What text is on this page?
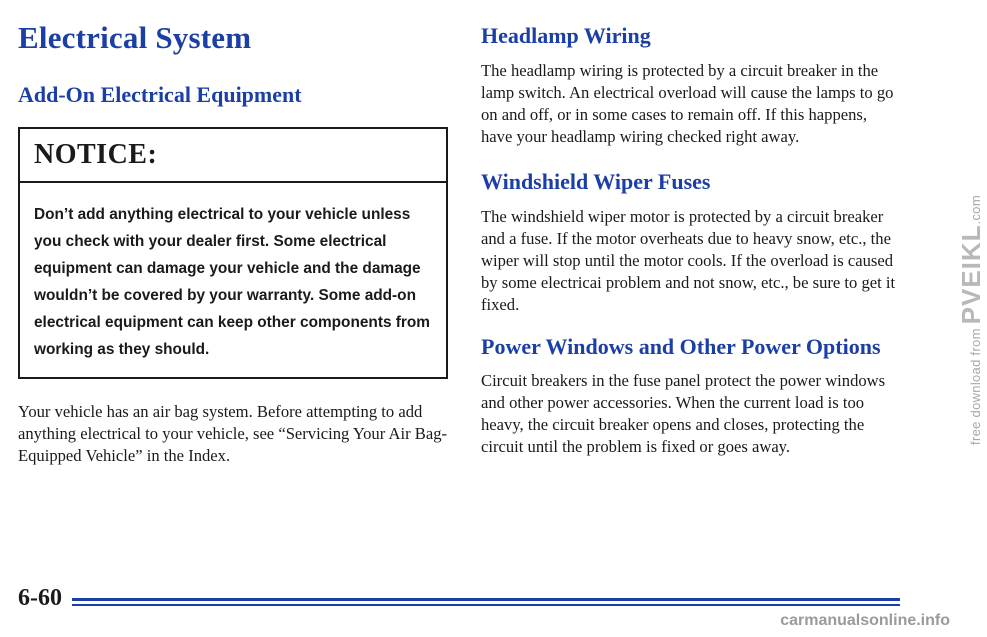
Electrical System
Add-On Electrical Equipment
NOTICE:
Don’t add anything electrical to your vehicle unless you check with your dealer first. Some electrical equipment can damage your vehicle and the damage wouldn’t be covered by your warranty. Some add-on electrical equipment can keep other components from working as they should.

Your vehicle has an air bag system. Before attempting to add anything electrical to your vehicle, see “Servicing Your Air Bag-Equipped Vehicle” in the Index.

Headlamp Wiring

The headlamp wiring is protected by a circuit breaker in the lamp switch. An electrical overload will cause the lamps to go on and off, or in some cases to remain off. If this happens, have your headlamp wiring checked right away.

Windshield Wiper Fuses

The windshield wiper motor is protected by a circuit breaker and a fuse. If the motor overheats due to heavy snow, etc., the wiper will stop until the motor cools. If the overload is caused by some electricai problem and not snow, etc., be sure to get it fixed.

Power Windows and Other Power Options

Circuit breakers in the fuse panel protect the power windows and other power accessories. When the current load is too heavy, the circuit breaker opens and closes, protecting the circuit until the problem is fixed or goes away.

6-60
free download from PVEIKL.com
carmanualsonline.info
